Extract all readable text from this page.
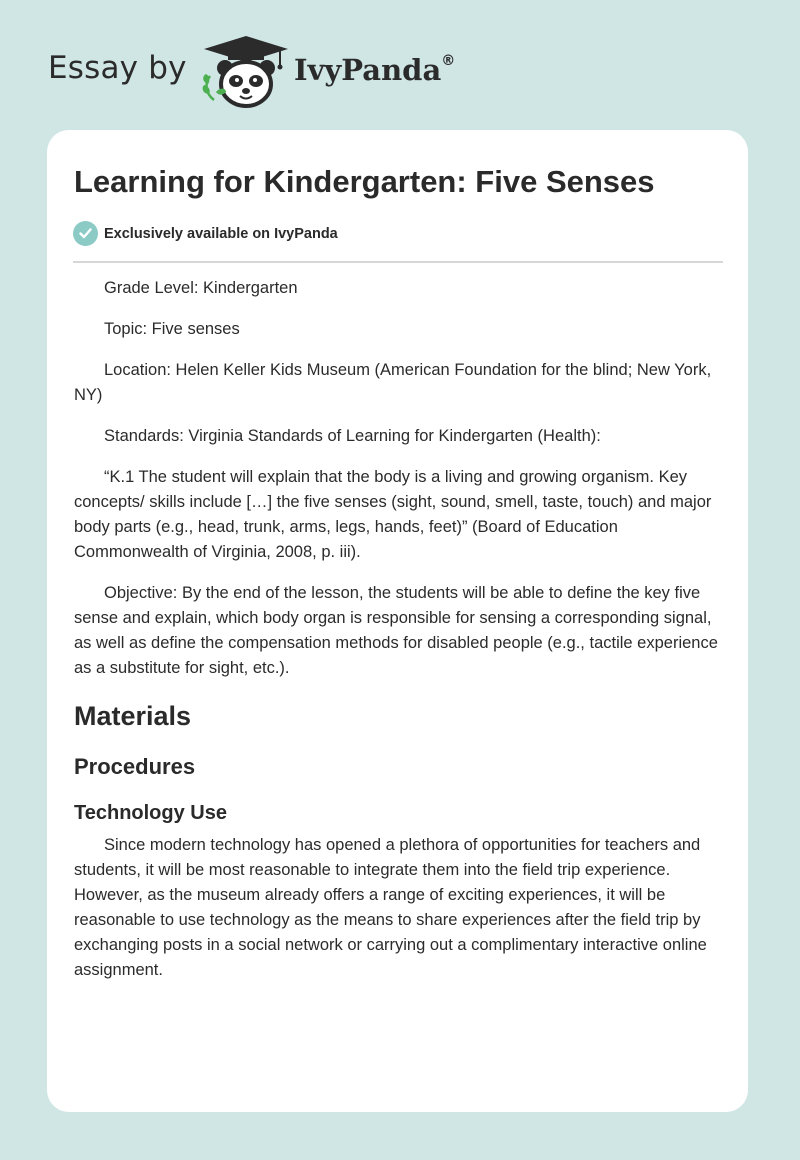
Essay by	IvyPanda®
Learning for Kindergarten: Five Senses
Exclusively available on IvyPanda

Grade Level: Kindergarten

Topic: Five senses

Location: Helen Keller Kids Museum (American Foundation for the blind; New York, NY)

Standards: Virginia Standards of Learning for Kindergarten (Health):

“K.1 The student will explain that the body is a living and growing organism. Key concepts/ skills include […] the five senses (sight, sound, smell, taste, touch) and major body parts (e.g., head, trunk, arms, legs, hands, feet)” (Board of Education Commonwealth of Virginia, 2008, p. iii).

Objective: By the end of the lesson, the students will be able to define the key five sense and explain, which body organ is responsible for sensing a corresponding signal, as well as define the compensation methods for disabled people (e.g., tactile experience as a substitute for sight, etc.).

Materials
Procedures
Technology Use

Since modern technology has opened a plethora of opportunities for teachers and students, it will be most reasonable to integrate them into the field trip experience. However, as the museum already offers a range of exciting experiences, it will be reasonable to use technology as the means to share experiences after the field trip by exchanging posts in a social network or carrying out a complimentary interactive online assignment.
